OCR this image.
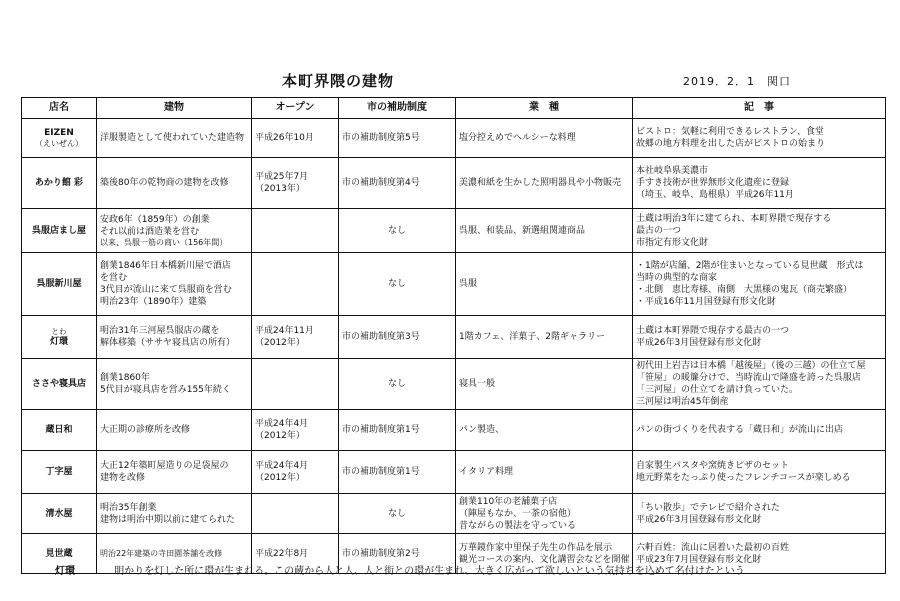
本町界隈の建物	2019．2．1　関口
店名	建物	オープン	市の補助制度	業　種	記　事
EIZEN
（えいぜん）	洋服製造として使われていた建造物	平成26年10月	市の補助制度第5号	塩分控えめでヘルシーな料理	ビストロ：気軽に利用できるレストラン、食堂
故郷の地方料理を出した店がビストロの始まり

あかり館 彩	築後80年の乾物商の建物を改修	平成25年7月
（2013年）	市の補助制度第4号	美濃和紙を生かした照明器具や小物販売	本社岐阜県美濃市
手すき技術が世界無形文化遺産に登録
（埼玉、岐阜、島根県）平成26年11月

呉服店まし屋	安政6年（1859年）の創業
それ以前は酒造業を営む
以来、呉服一筋の商い（156年間）		なし	呉服、和装品、新選組関連商品	土蔵は明治3年に建てられ、本町界隈で現存する
最古の一つ
市指定有形文化財

呉服新川屋	創業1846年日本橋新川屋で酒店
を営む
3代目が流山に来て呉服商を営む
明治23年（1890年）建築		なし	呉服	・1階が店舗、2階が住まいとなっている見世蔵　形式は
当時の典型的な商家
・北側　恵比寿様、南側　大黒様の鬼瓦（商売繁盛）
・平成16年11月国登録有形文化財

とわ
灯環	明治31年三河屋呉服店の蔵を
解体移築（ササヤ寝具店の所有）	平成24年11月
（2012年）	市の補助制度第3号	1階カフェ、洋菓子、2階ギャラリー	土蔵は本町界隈で現存する最古の一つ
平成26年3月国登録有形文化財

ささや寝具店	創業1860年
5代目が寝具店を営み155年続く		なし	寝具一般	初代田上岩吉は日本橋「越後屋」（後の三越）の仕立て屋
「笹屋」の暖簾分けで、当時流山で隆盛を誇った呉服店
「三河屋」の仕立てを請け負っていた。
三河屋は明治45年倒産

蔵日和	大正期の診療所を改修	平成24年4月
（2012年）	市の補助制度第1号	パン製造、	パンの街づくりを代表する「蔵日和」が流山に出店

丁字屋	大正12年築町屋造りの足袋屋の
建物を改修	平成24年4月
（2012年）	市の補助制度第1号	イタリア料理	自家製生パスタや窯焼きピザのセット
地元野菜をたっぷり使ったフレンチコースが楽しめる

清水屋	明治35年創業
建物は明治中期以前に建てられた		なし	創業110年の老舗菓子店
（陣屋もなか、一茶の宿他）
昔ながらの製法を守っている	「ちい散歩」でテレビで紹介された
平成26年3月国登録有形文化財

見世蔵	明治22年建築の寺田園茶舗を改修	平成22年8月	市の補助制度第2号	万華鏡作家中里保子先生の作品を展示
観光コースの案内、文化講習会などを開催	六軒百姓：流山に居着いた最初の百姓
平成23年7月国登録有形文化財
灯環	明かりを灯した所に環が生まれる。この蔵から人と人、人と街との環が生まれ、大きく広がって欲しいという気持ちを込めて名付けたという
